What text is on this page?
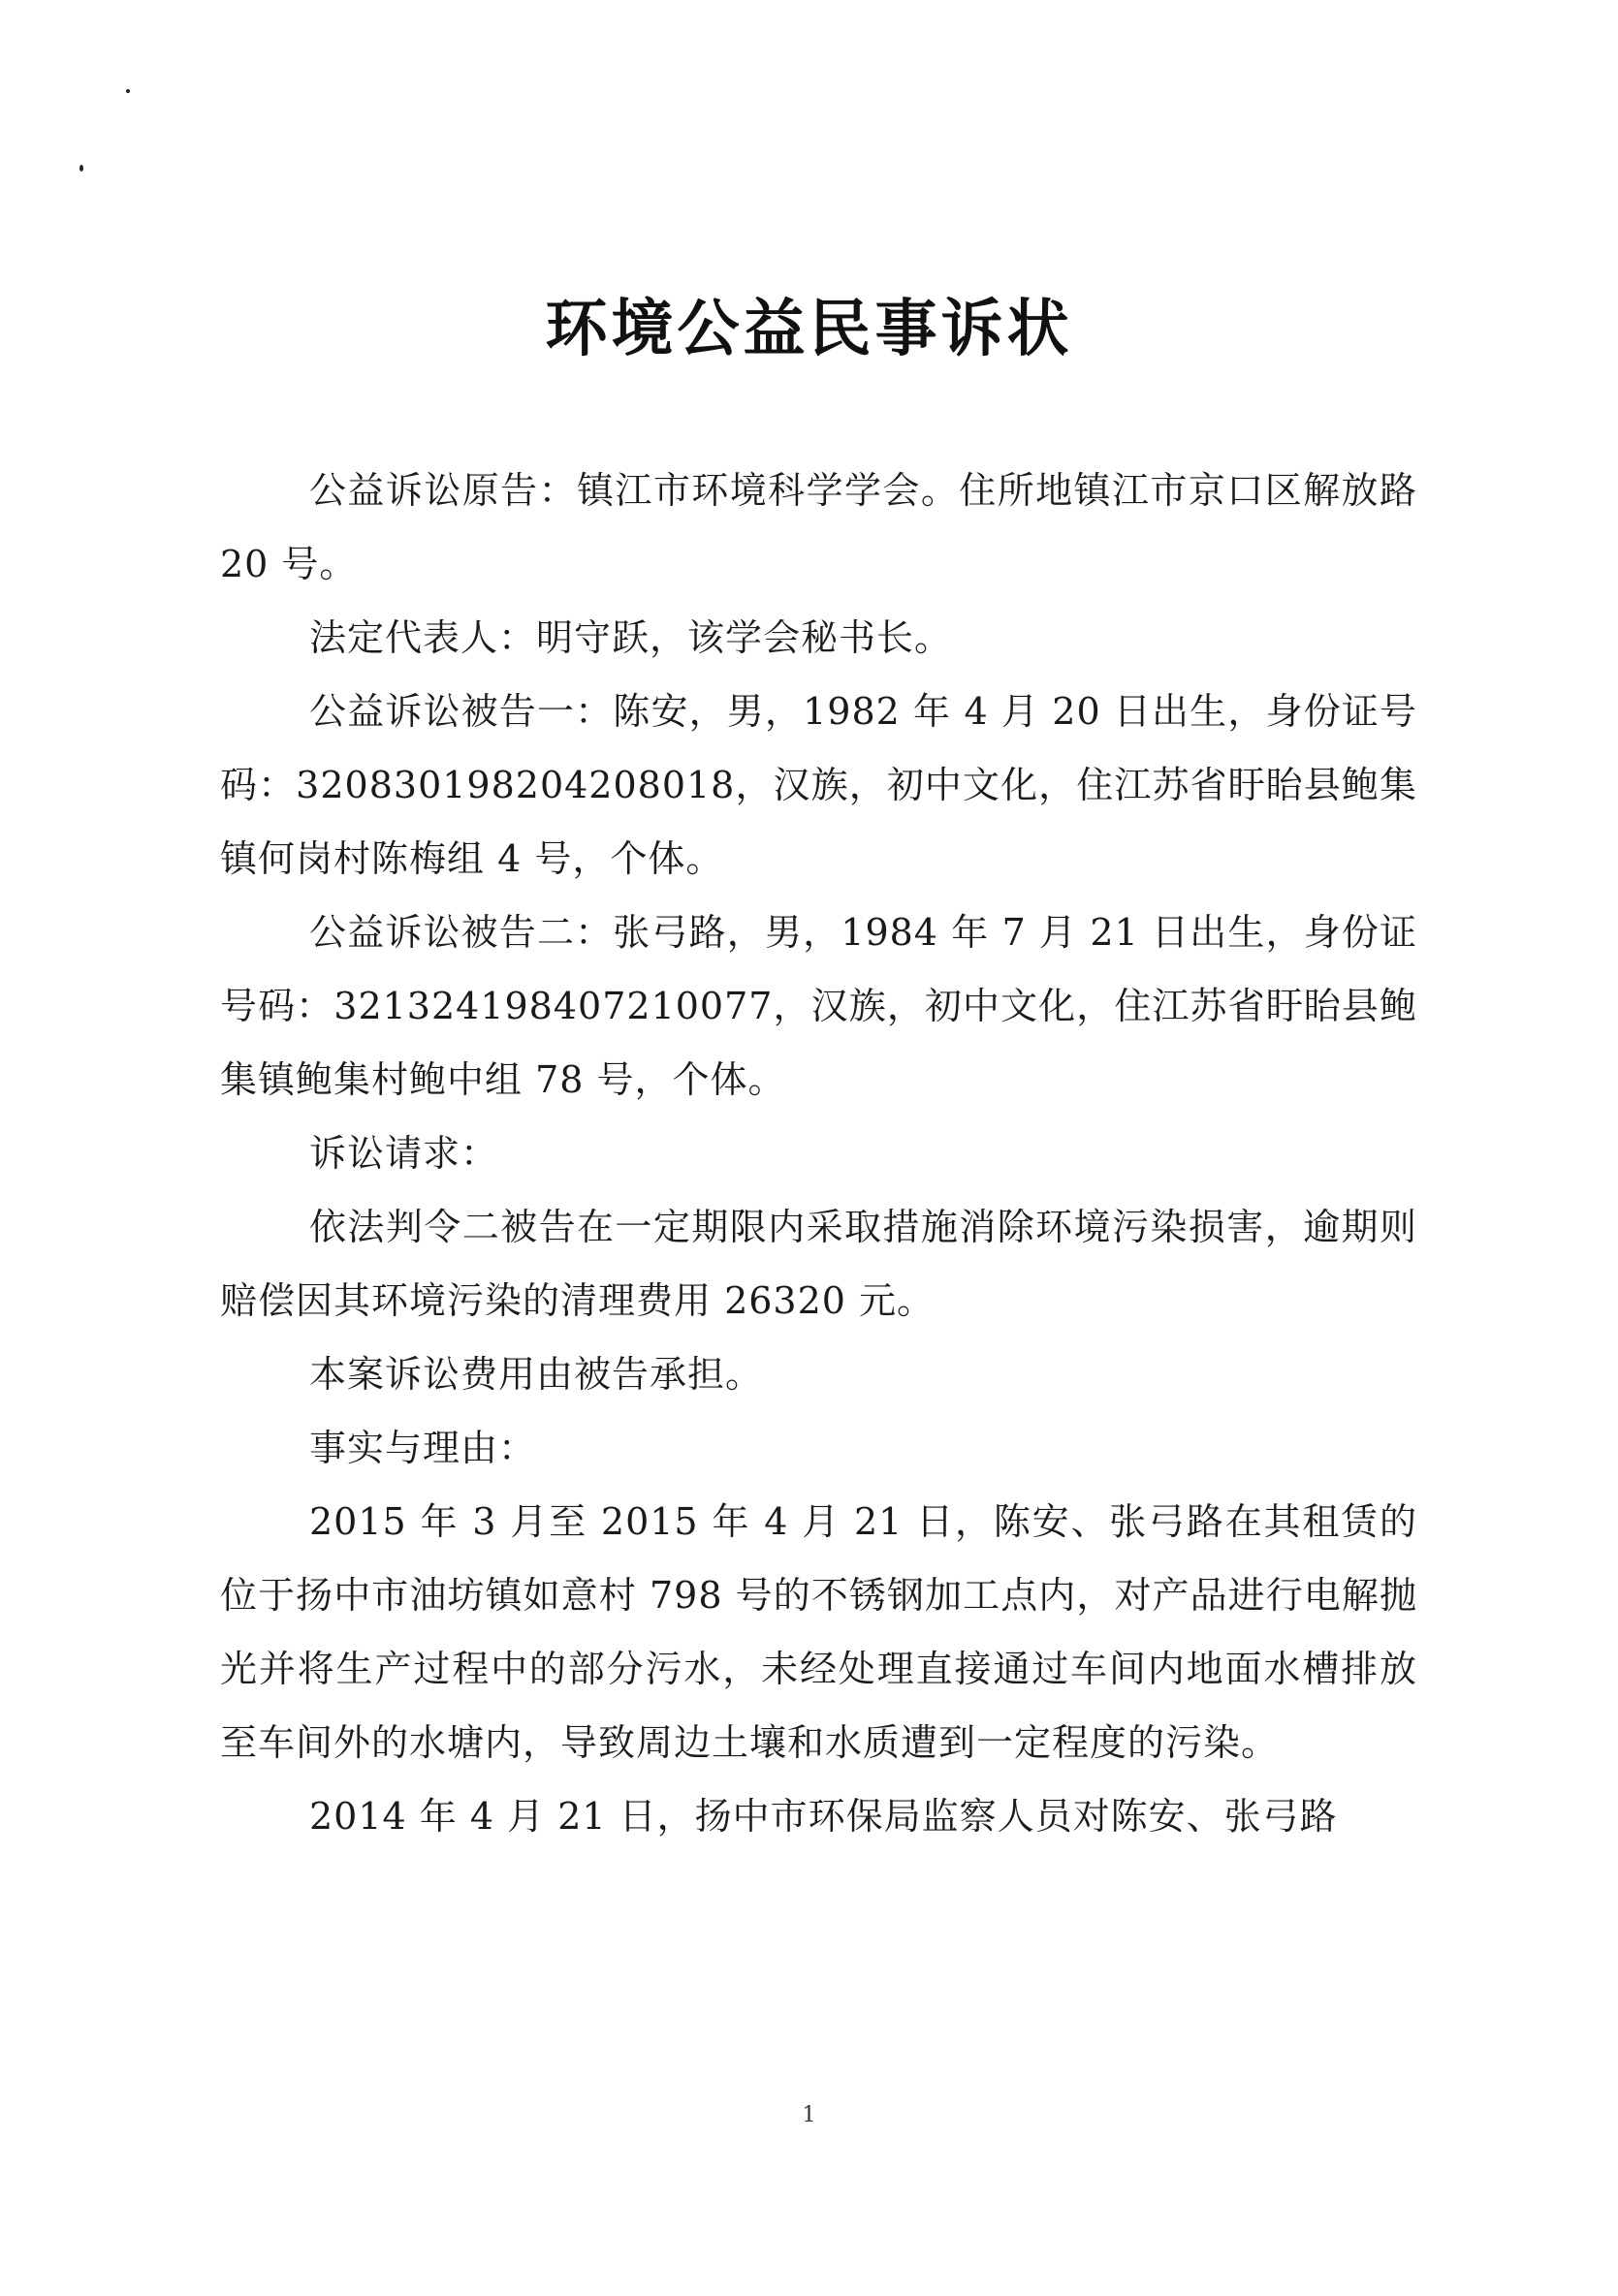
环境公益民事诉状

公益诉讼原告：镇江市环境科学学会。住所地镇江市京口区解放路 20 号。

法定代表人：明守跃，该学会秘书长。

公益诉讼被告一：陈安，男，1982 年 4 月 20 日出生，身份证号码：320830198204208018，汉族，初中文化，住江苏省盱眙县鲍集镇何岗村陈梅组 4 号，个体。

公益诉讼被告二：张弓路，男，1984 年 7 月 21 日出生，身份证号码：321324198407210077，汉族，初中文化，住江苏省盱眙县鲍集镇鲍集村鲍中组 78 号，个体。

诉讼请求：

依法判令二被告在一定期限内采取措施消除环境污染损害，逾期则赔偿因其环境污染的清理费用 26320 元。

本案诉讼费用由被告承担。

事实与理由：

2015 年 3 月至 2015 年 4 月 21 日，陈安、张弓路在其租赁的位于扬中市油坊镇如意村 798 号的不锈钢加工点内，对产品进行电解抛光并将生产过程中的部分污水，未经处理直接通过车间内地面水槽排放至车间外的水塘内，导致周边土壤和水质遭到一定程度的污染。

2014 年 4 月 21 日，扬中市环保局监察人员对陈安、张弓路

1
